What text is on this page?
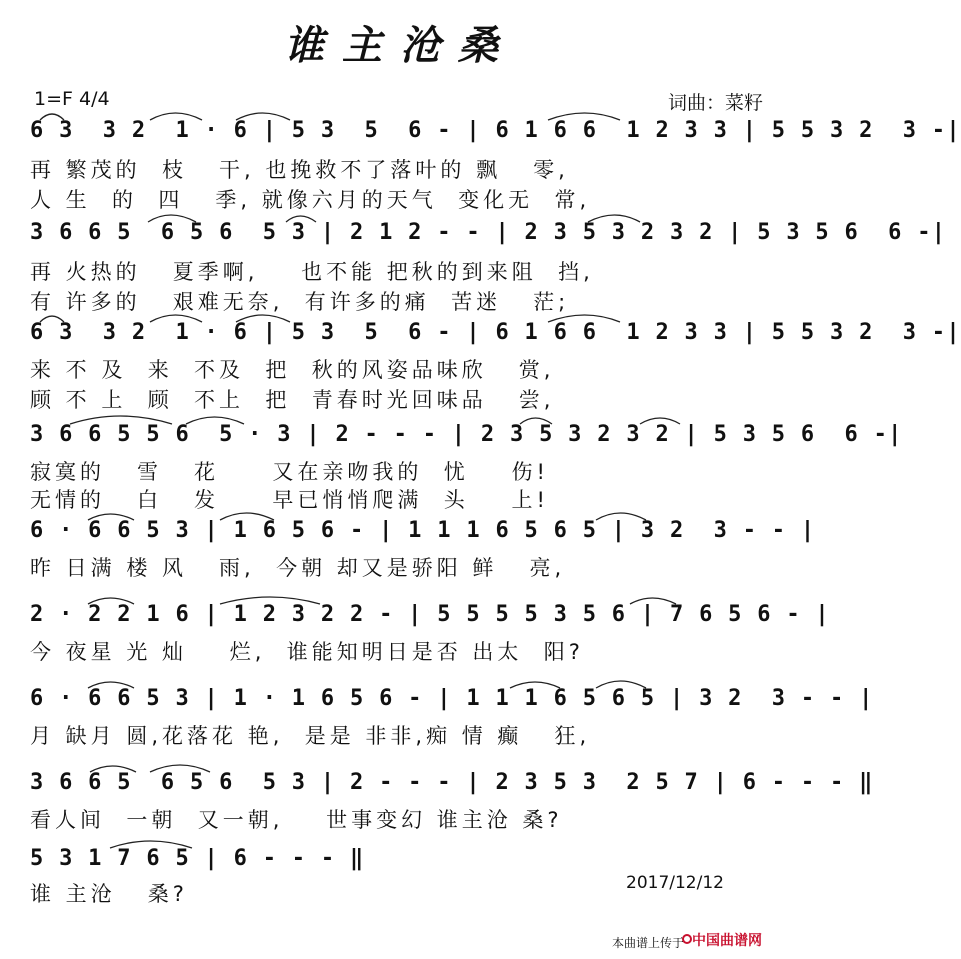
谁主沧桑
1=F 4/4	词曲：菜籽
6 3  3 2  1 · 6 | 5 3  5  6 - | 6 1 6 6  1 2 3 3 | 5 5 3 2  3 -|
再 繁茂的  枝   干, 也挽救不了落叶的 飘   零,
人 生  的  四   季, 就像六月的天气  变化无  常,
3 6 6 5  6 5 6  5 3 | 2 1 2 - - | 2 3 5 3 2 3 2 | 5 3 5 6  6 -|
再 火热的   夏季啊,    也不能 把秋的到来阻  挡,
有 许多的   艰难无奈,  有许多的痛  苦迷   茫;
6 3  3 2  1 · 6 | 5 3  5  6 - | 6 1 6 6  1 2 3 3 | 5 5 3 2  3 -|
来 不 及  来  不及  把  秋的风姿品味欣   赏,
顾 不 上  顾  不上  把  青春时光回味品   尝,
3 6 6 5 5 6  5 · 3 | 2 - - - | 2 3 5 3 2 3 2 | 5 3 5 6  6 -|
寂寞的   雪   花     又在亲吻我的  忧    伤!
无情的   白   发     早已悄悄爬满  头    上!
6 · 6 6 5 3 | 1 6 5 6 - | 1 1 1 6 5 6 5 | 3 2  3 - - |
昨 日满 楼 风   雨,  今朝 却又是骄阳 鲜   亮,
2 · 2 2 1 6 | 1 2 3 2 2 - | 5 5 5 5 3 5 6 | 7 6 5 6 - |
今 夜星 光 灿    烂,  谁能知明日是否 出太  阳?
6 · 6 6 5 3 | 1 · 1 6 5 6 - | 1 1 1 6 5 6 5 | 3 2  3 - - |
月 缺月 圆,花落花 艳,  是是 非非,痴 情 癫   狂,
3 6 6 5  6 5 6  5 3 | 2 - - - | 2 3 5 3  2 5 7 | 6 - - - ‖
看人间  一朝  又一朝,    世事变幻 谁主沧 桑?
5 3 1 7 6 5 | 6 - - - ‖
谁 主沧   桑?	2017/12/12
本曲谱上传于 中国曲谱网
